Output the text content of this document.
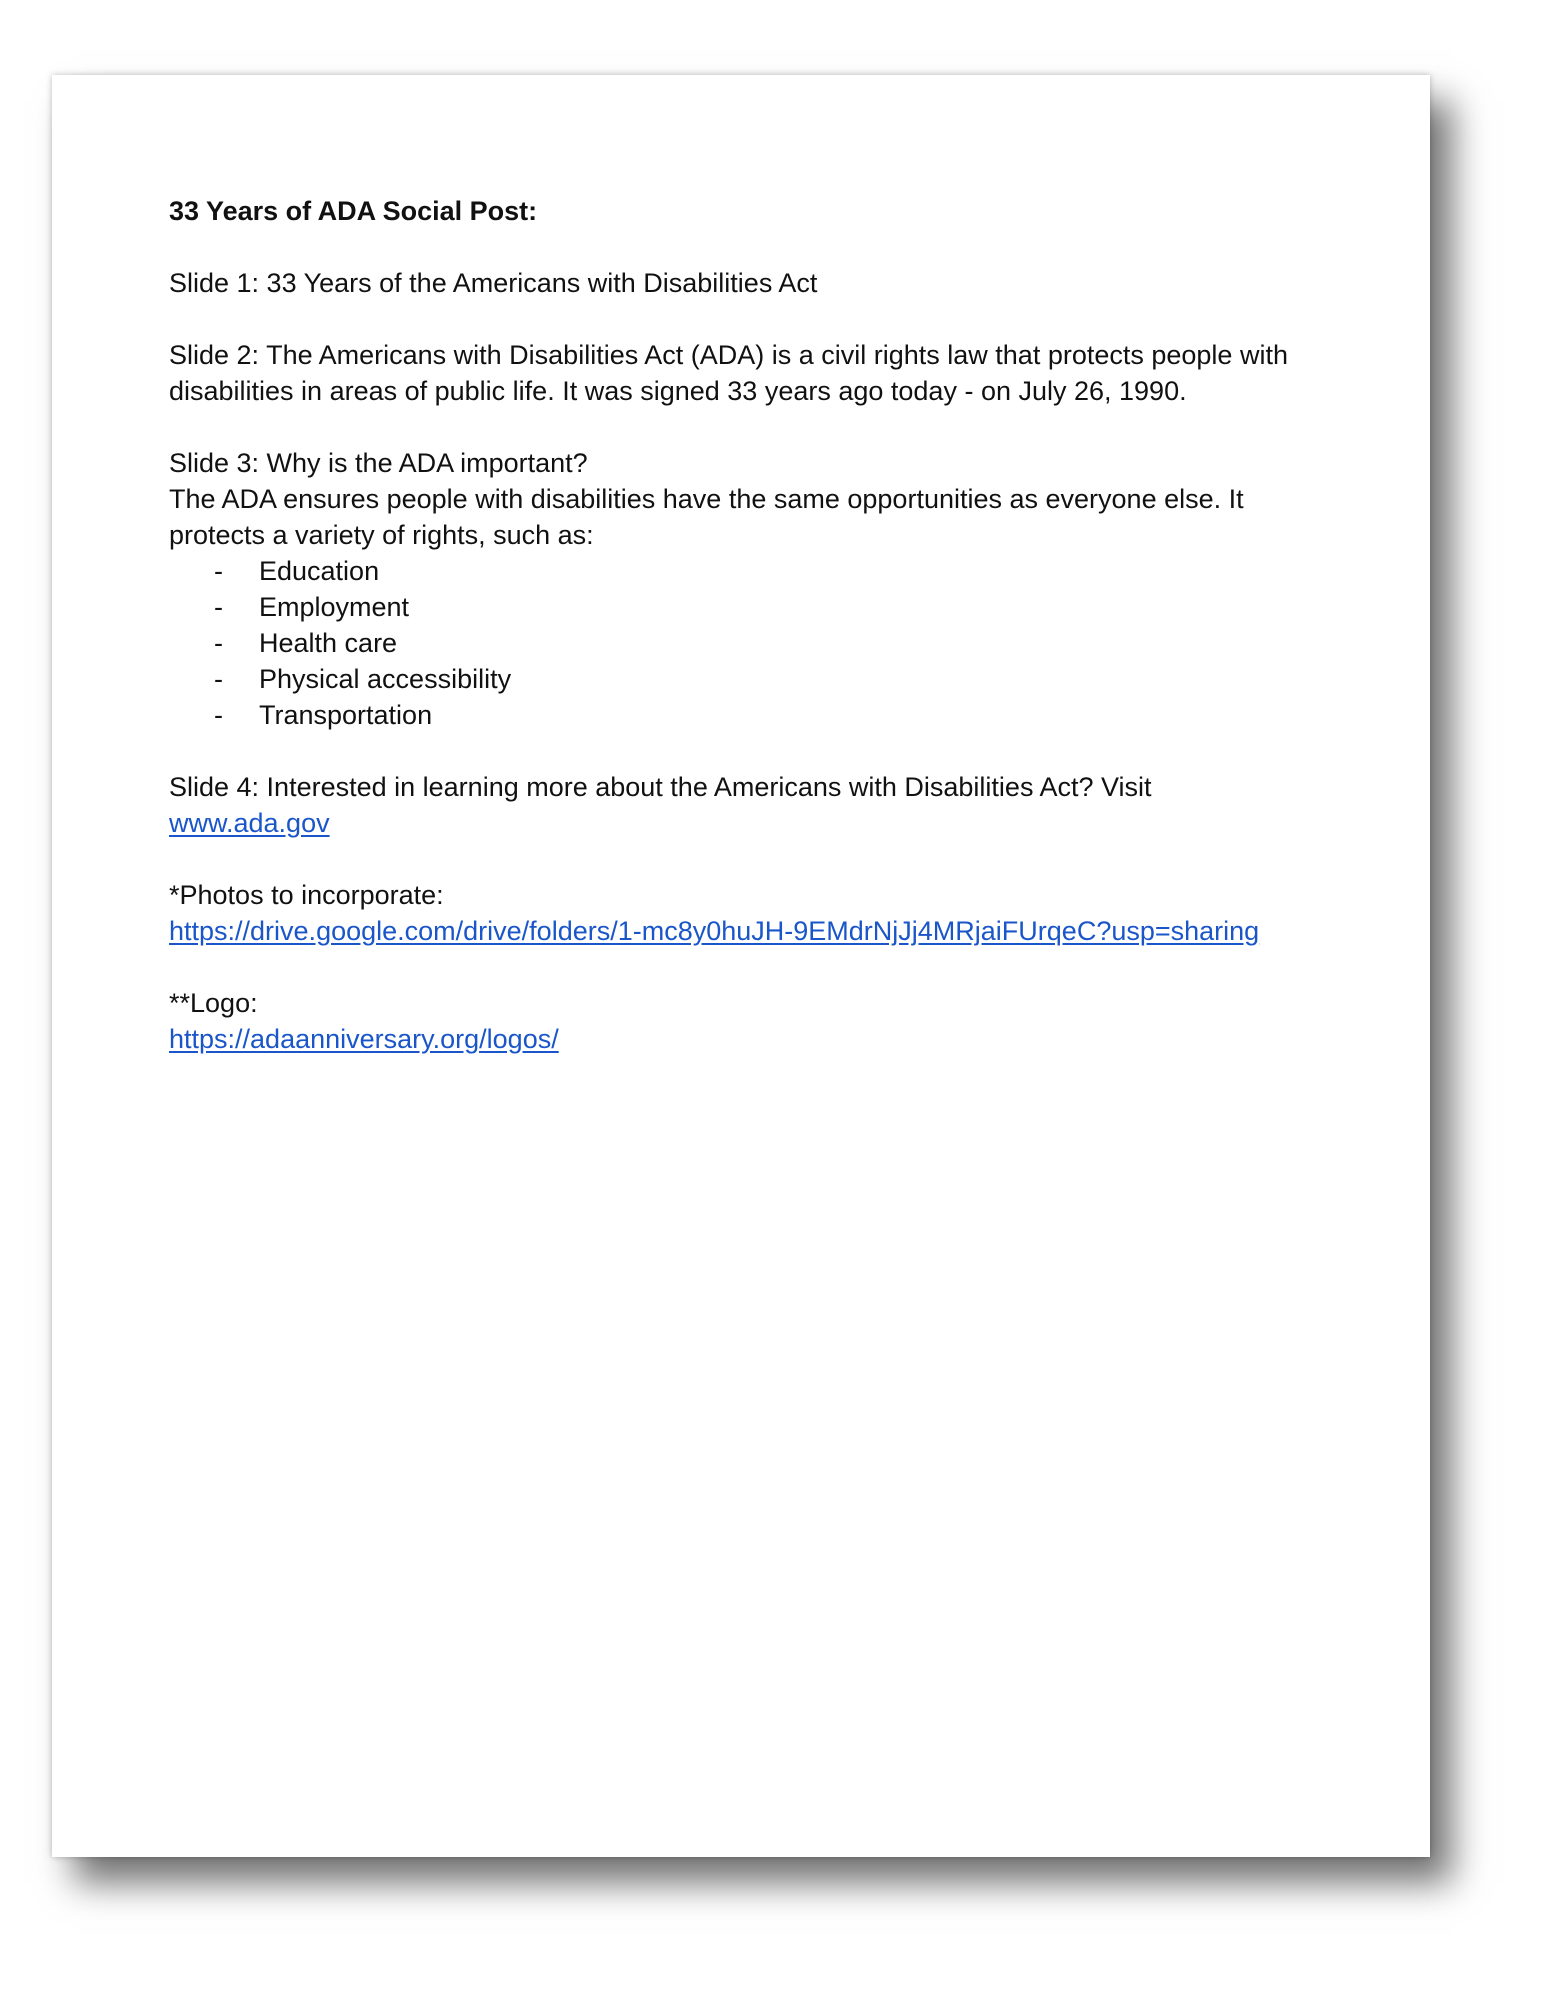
33 Years of ADA Social Post:

Slide 1: 33 Years of the Americans with Disabilities Act

Slide 2: The Americans with Disabilities Act (ADA) is a civil rights law that protects people with

disabilities in areas of public life. It was signed 33 years ago today - on July 26, 1990.

Slide 3: Why is the ADA important?

The ADA ensures people with disabilities have the same opportunities as everyone else. It

protects a variety of rights, such as:

- Education
- Employment
- Health care
- Physical accessibility
- Transportation

Slide 4: Interested in learning more about the Americans with Disabilities Act? Visit

www.ada.gov

*Photos to incorporate:

https://drive.google.com/drive/folders/1-mc8y0huJH-9EMdrNjJj4MRjaiFUrqeC?usp=sharing

**Logo:

https://adaanniversary.org/logos/
